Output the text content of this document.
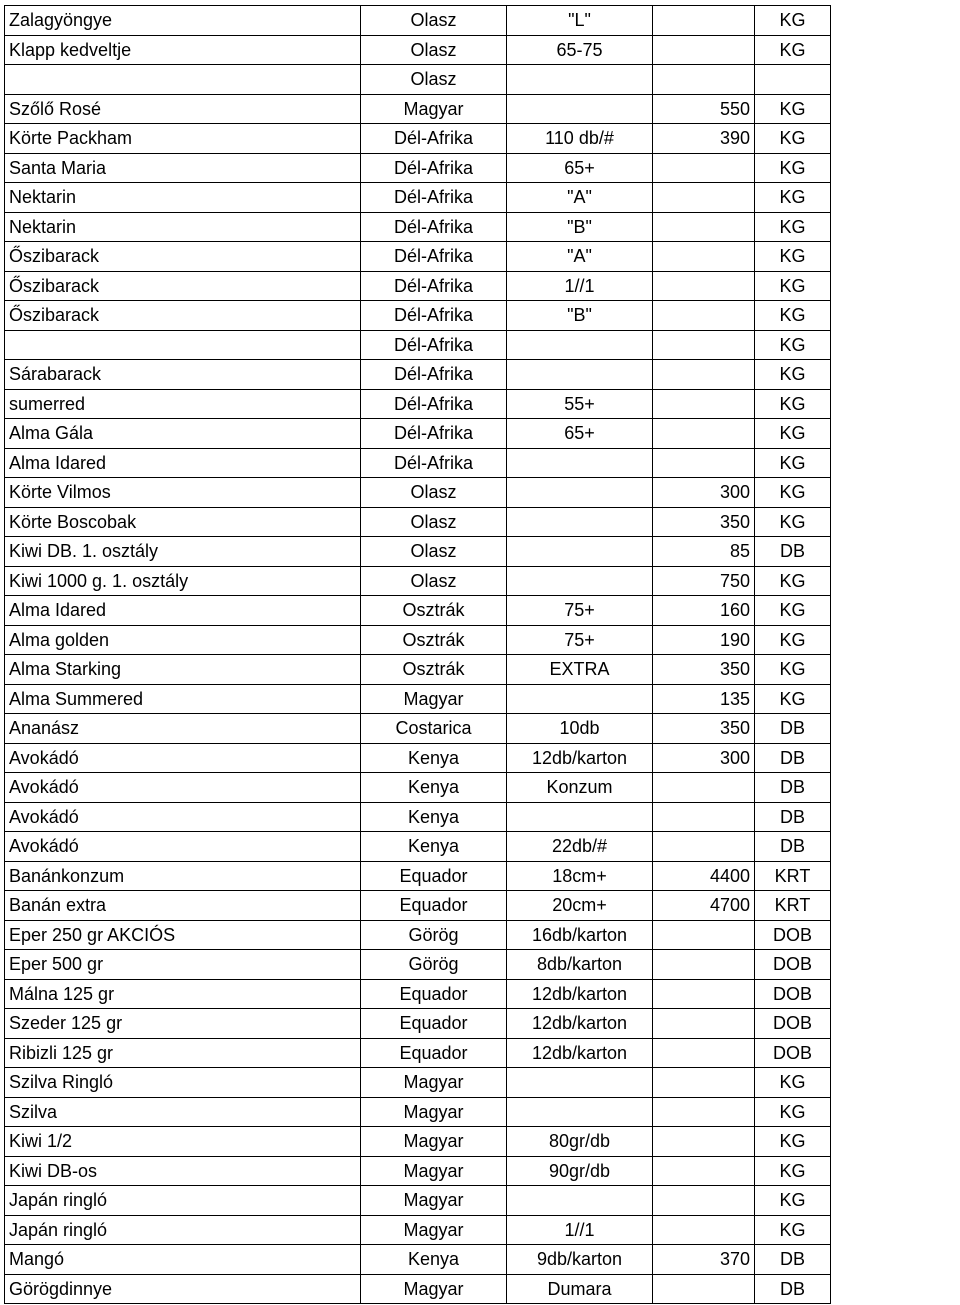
Zalagyöngye	Olasz	"L"		KG
Klapp kedveltje	Olasz	65-75		KG
	Olasz			
Szőlő Rosé	Magyar		550	KG
Körte Packham	Dél-Afrika	110 db/#	390	KG
Santa Maria	Dél-Afrika	65+		KG
Nektarin	Dél-Afrika	"A"		KG
Nektarin	Dél-Afrika	"B"		KG
Őszibarack	Dél-Afrika	"A"		KG
Őszibarack	Dél-Afrika	1//1		KG
Őszibarack	Dél-Afrika	"B"		KG
	Dél-Afrika			KG
Sárabarack	Dél-Afrika			KG
sumerred	Dél-Afrika	55+		KG
Alma Gála	Dél-Afrika	65+		KG
Alma Idared	Dél-Afrika			KG
Körte Vilmos	Olasz		300	KG
Körte Boscobak	Olasz		350	KG
Kiwi DB. 1. osztály	Olasz		85	DB
Kiwi 1000 g. 1. osztály	Olasz		750	KG
Alma Idared	Osztrák	75+	160	KG
Alma golden	Osztrák	75+	190	KG
Alma Starking	Osztrák	EXTRA	350	KG
Alma Summered	Magyar		135	KG
Ananász	Costarica	10db	350	DB
Avokádó	Kenya	12db/karton	300	DB
Avokádó	Kenya	Konzum		DB
Avokádó	Kenya			DB
Avokádó	Kenya	22db/#		DB
Banánkonzum	Equador	18cm+	4400	KRT
Banán extra	Equador	20cm+	4700	KRT
Eper 250 gr AKCIÓS	Görög	16db/karton		DOB
Eper 500 gr	Görög	8db/karton		DOB
Málna 125 gr	Equador	12db/karton		DOB
Szeder 125 gr	Equador	12db/karton		DOB
Ribizli 125 gr	Equador	12db/karton		DOB
Szilva Ringló	Magyar			KG
Szilva	Magyar			KG
Kiwi 1/2	Magyar	80gr/db		KG
Kiwi DB-os	Magyar	90gr/db		KG
Japán ringló	Magyar			KG
Japán ringló	Magyar	1//1		KG
Mangó	Kenya	9db/karton	370	DB
Görögdinnye	Magyar	Dumara		DB
